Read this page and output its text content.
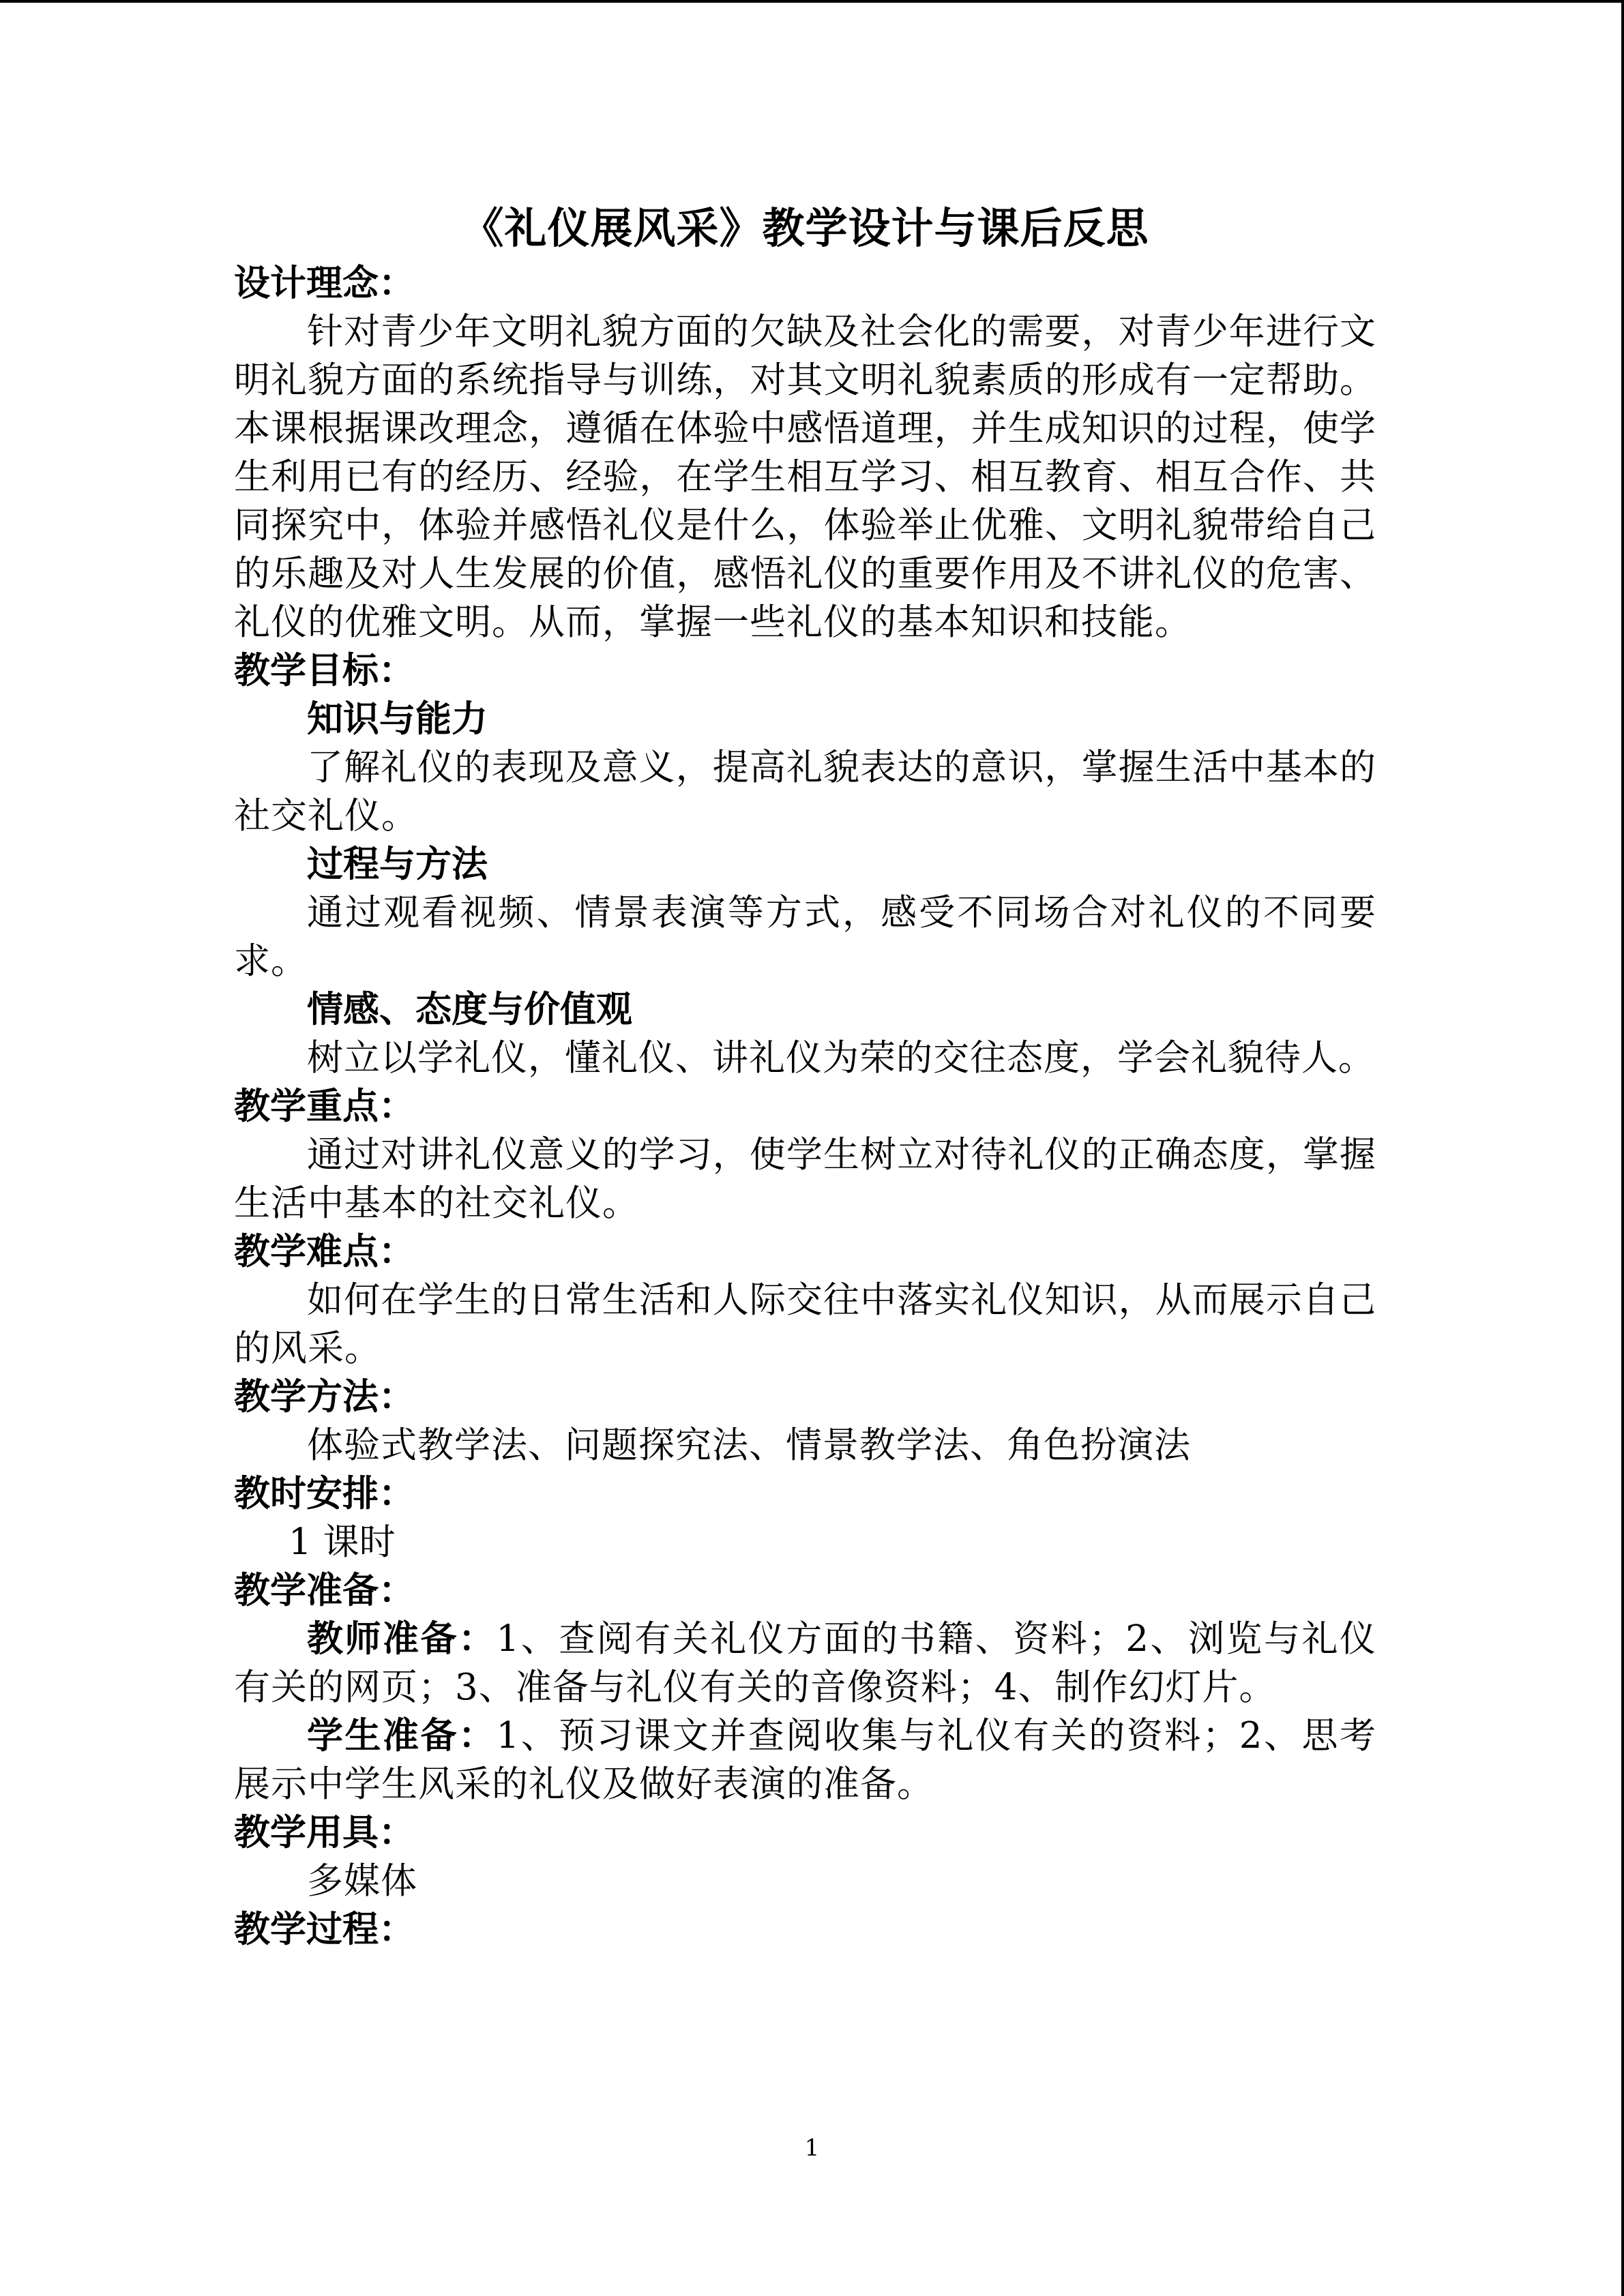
《礼仪展风采》教学设计与课后反思

设计理念：

针对青少年文明礼貌方面的欠缺及社会化的需要，对青少年进行文明礼貌方面的系统指导与训练，对其文明礼貌素质的形成有一定帮助。本课根据课改理念，遵循在体验中感悟道理，并生成知识的过程，使学生利用已有的经历、经验，在学生相互学习、相互教育、相互合作、共同探究中，体验并感悟礼仪是什么，体验举止优雅、文明礼貌带给自己的乐趣及对人生发展的价值，感悟礼仪的重要作用及不讲礼仪的危害、礼仪的优雅文明。从而，掌握一些礼仪的基本知识和技能。

教学目标：

知识与能力

了解礼仪的表现及意义，提高礼貌表达的意识，掌握生活中基本的社交礼仪。

过程与方法

通过观看视频、情景表演等方式，感受不同场合对礼仪的不同要求。

情感、态度与价值观

树立以学礼仪，懂礼仪、讲礼仪为荣的交往态度，学会礼貌待人。

教学重点：

通过对讲礼仪意义的学习，使学生树立对待礼仪的正确态度，掌握生活中基本的社交礼仪。

教学难点：

如何在学生的日常生活和人际交往中落实礼仪知识，从而展示自己的风采。

教学方法：

体验式教学法、问题探究法、情景教学法、角色扮演法

教时安排：

1 课时

教学准备：

教师准备：1、查阅有关礼仪方面的书籍、资料；2、浏览与礼仪有关的网页；3、准备与礼仪有关的音像资料；4、制作幻灯片。

学生准备：1、预习课文并查阅收集与礼仪有关的资料；2、思考展示中学生风采的礼仪及做好表演的准备。

教学用具：

多媒体

教学过程：

1
